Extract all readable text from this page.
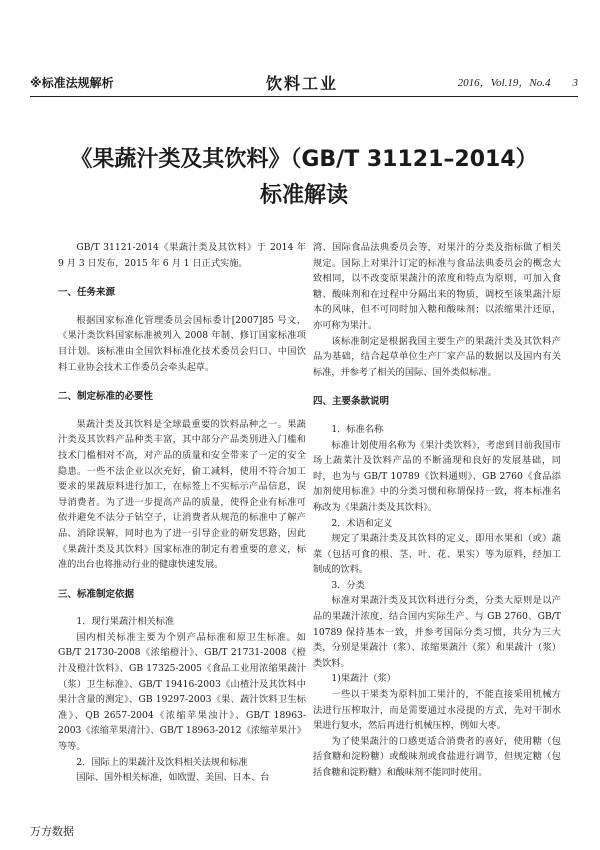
※标准法规解析	饮料工业	2016，Vol.19，No.4　　3
《果蔬汁类及其饮料》（GB/T 31121–2014）
标准解读

GB/T 31121-2014《果蔬汁类及其饮料》于 2014 年 9 月 3 日发布，2015 年 6 月 1 日正式实施。

一、任务来源

根据国家标准化管理委员会国标委计[2007]85 号文，《果汁类饮料国家标准被列入 2008 年制、修订国家标准项目计划。该标准由全国饮料标准化技术委员会归口、中国饮料工业协会技术工作委员会牵头起草。

二、制定标准的必要性

果蔬汁类及其饮料是全球最重要的饮料品种之一。果蔬汁类及其饮料产品种类丰富，其中部分产品类别进入门槛和技术门槛相对不高，对产品的质量和安全带来了一定的安全隐患。一些不法企业以次充好，偷工减料，使用不符合加工要求的果蔬原料进行加工，在标签上不实标示产品信息，误导消费者。为了进一步提高产品的质量，使得企业有标准可依并避免不法分子钻空子，让消费者从规范的标准中了解产品、消除误解，同时也为了进一引导企业的研发思路，因此《果蔬汁类及其饮料》国家标准的制定有着重要的意义，标准的出台也将推动行业的健康快速发展。

三、标准制定依据

1．现行果蔬汁相关标准

国内相关标准主要为个别产品标准和原卫生标准。如 GB/T 21730-2008《浓缩橙汁》、GB/T 21731-2008《橙汁及橙汁饮料》、GB 17325-2005《食品工业用浓缩果蔬汁（浆）卫生标准》、GB/T 19416-2003《山楂汁及其饮料中果汁含量的测定》、GB 19297-2003《果、蔬汁饮料卫生标准》、QB 2657-2004《浓缩苹果浊汁》、GB/T 18963-2003《浓缩苹果清汁》、GB/T 18963-2012《浓缩苹果汁》等等。

2．国际上的果蔬汁及饮料相关法规和标准

国际、国外相关标准，如欧盟、美国、日本、台

湾、国际食品法典委员会等，对果汁的分类及指标做了相关规定。国际上对果汁订定的标准与食品法典委员会的概念大致相同，以不改变原果蔬汁的浓度和特点为原则，可加入食糖、酸味剂和在过程中分隔出来的物质，调校至该果蔬汁原本的风味，但不可同时加入糖和酸味剂；以浓缩果汁还原，亦可称为果汁。

该标准制定是根据我国主要生产的果蔬汁类及其饮料产品为基础，结合起草单位生产厂家产品的数据以及国内有关标准，并参考了相关的国际、国外类似标准。

四、主要条款说明

1．标准名称

标准计划使用名称为《果汁类饮料》，考虑到目前我国市场上蔬菜汁及饮料产品的不断涌现和良好的发展基础，同时，也为与 GB/T 10789《饮料通则》、GB 2760《食品添加剂使用标准》中的分类习惯和称谓保持一致，将本标准名称改为《果蔬汁类及其饮料》。

2．术语和定义

规定了果蔬汁类及其饮料的定义，即用水果和（或）蔬菜（包括可食的根、茎、叶、花、果实）等为原料，经加工制成的饮料。

3．分类

标准对果蔬汁类及其饮料进行分类，分类大原则是以产品的果蔬汁浓度，结合国内实际生产、与 GB 2760、GB/T 10789 保持基本一致，并参考国际分类习惯，共分为三大类，分别是果蔬汁（浆）、浓缩果蔬汁（浆）和果蔬汁（浆）类饮料。

1)果蔬汁（浆）

一些以干果类为原料加工果汁的，不能直接采用机械方法进行压榨取汁，而是需要通过水浸提的方式，先对干制水果进行复水，然后再进行机械压榨，例如大枣。

为了使果蔬汁的口感更适合消费者的喜好，使用糖（包括食糖和淀粉糖）或酸味剂或食盐进行调节，但规定糖（包括食糖和淀粉糖）和酸味剂不能同时使用。

万方数据
